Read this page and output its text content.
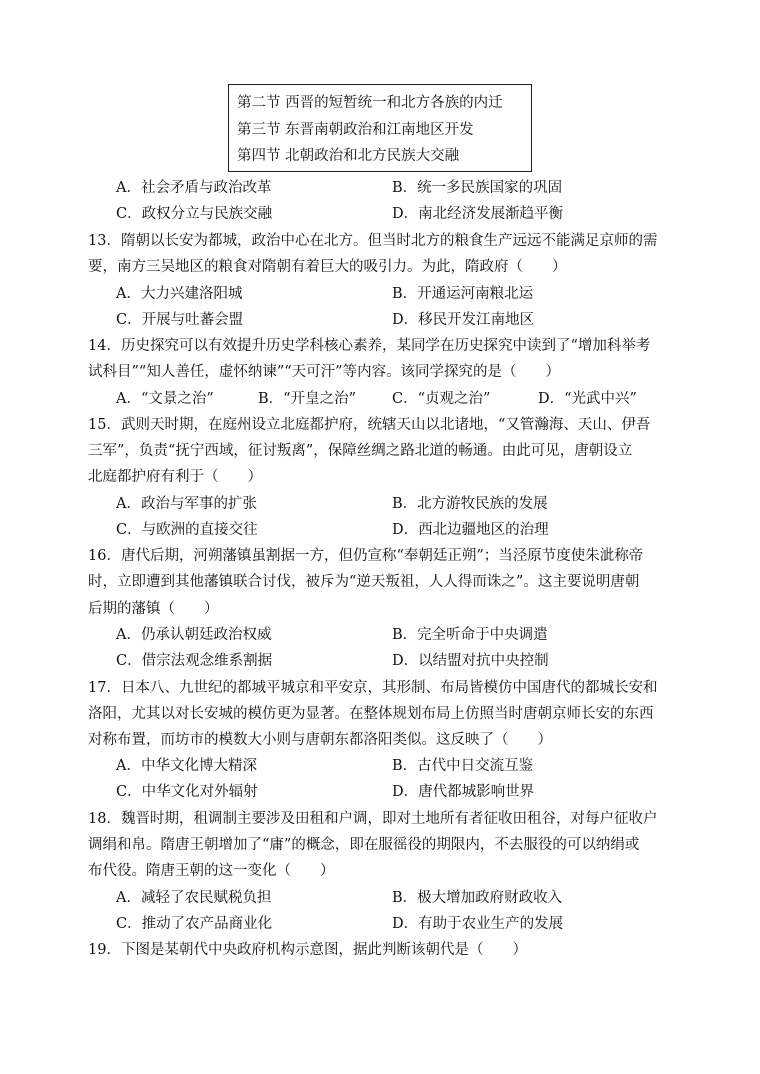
第二节 西晋的短暂统一和北方各族的内迁
第三节 东晋南朝政治和江南地区开发
第四节 北朝政治和北方民族大交融
A．社会矛盾与政治改革	B．统一多民族国家的巩固
C．政权分立与民族交融	D．南北经济发展渐趋平衡
13．隋朝以长安为都城，政治中心在北方。但当时北方的粮食生产远远不能满足京师的需
要，南方三吴地区的粮食对隋朝有着巨大的吸引力。为此，隋政府（　　）
A．大力兴建洛阳城	B．开通运河南粮北运
C．开展与吐蕃会盟	D．移民开发江南地区
14．历史探究可以有效提升历史学科核心素养，某同学在历史探究中读到了“增加科举考
试科目”“知人善任，虚怀纳谏”“天可汗”等内容。该同学探究的是（　　）
A．“文景之治”	B．“开皇之治” C．“贞观之治”	D．“光武中兴”
15．武则天时期，在庭州设立北庭都护府，统辖天山以北诸地，“又管瀚海、天山、伊吾
三军”，负责“抚宁西域，征讨叛离”，保障丝绸之路北道的畅通。由此可见，唐朝设立
北庭都护府有利于（　　）
A．政治与军事的扩张	B．北方游牧民族的发展
C．与欧洲的直接交往	D．西北边疆地区的治理
16．唐代后期，河朔藩镇虽割据一方，但仍宣称“奉朝廷正朔”；当泾原节度使朱泚称帝
时，立即遭到其他藩镇联合讨伐，被斥为“逆天叛祖，人人得而诛之”。这主要说明唐朝
后期的藩镇（　　）
A．仍承认朝廷政治权威	B．完全听命于中央调遣
C．借宗法观念维系割据	D．以结盟对抗中央控制
17．日本八、九世纪的都城平城京和平安京，其形制、布局皆模仿中国唐代的都城长安和
洛阳，尤其以对长安城的模仿更为显著。在整体规划布局上仿照当时唐朝京师长安的东西
对称布置，而坊市的模数大小则与唐朝东都洛阳类似。这反映了（　　）
A．中华文化博大精深	B．古代中日交流互鉴
C．中华文化对外辐射	D．唐代都城影响世界
18．魏晋时期，租调制主要涉及田租和户调，即对土地所有者征收田租谷，对每户征收户
调绢和帛。隋唐王朝增加了“庸”的概念，即在服徭役的期限内，不去服役的可以纳绢或
布代役。隋唐王朝的这一变化（　　）
A．减轻了农民赋税负担	B．极大增加政府财政收入
C．推动了农产品商业化	D．有助于农业生产的发展
19．下图是某朝代中央政府机构示意图，据此判断该朝代是（　　）
